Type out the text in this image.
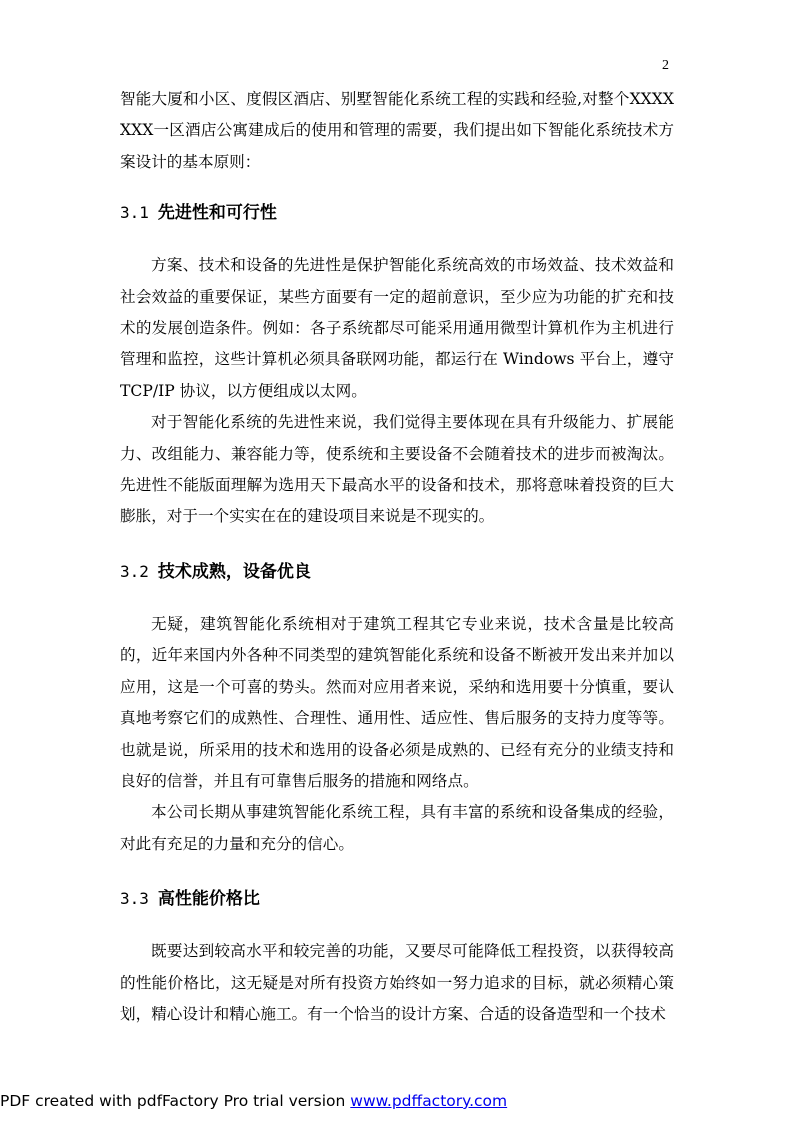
2

智能大厦和小区、度假区酒店、别墅智能化系统工程的实践和经验,对整个XXXXXXX一区酒店公寓建成后的使用和管理的需要，我们提出如下智能化系统技术方案设计的基本原则：

3.1 先进性和可行性

方案、技术和设备的先进性是保护智能化系统高效的市场效益、技术效益和社会效益的重要保证，某些方面要有一定的超前意识，至少应为功能的扩充和技术的发展创造条件。例如：各子系统都尽可能采用通用微型计算机作为主机进行管理和监控，这些计算机必须具备联网功能，都运行在 Windows 平台上，遵守 TCP/IP 协议，以方便组成以太网。

对于智能化系统的先进性来说，我们觉得主要体现在具有升级能力、扩展能力、改组能力、兼容能力等，使系统和主要设备不会随着技术的进步而被淘汰。先进性不能版面理解为选用天下最高水平的设备和技术，那将意味着投资的巨大膨胀，对于一个实实在在的建设项目来说是不现实的。

3.2 技术成熟，设备优良

无疑，建筑智能化系统相对于建筑工程其它专业来说，技术含量是比较高的，近年来国内外各种不同类型的建筑智能化系统和设备不断被开发出来并加以应用，这是一个可喜的势头。然而对应用者来说，采纳和选用要十分慎重，要认真地考察它们的成熟性、合理性、通用性、适应性、售后服务的支持力度等等。也就是说，所采用的技术和选用的设备必须是成熟的、已经有充分的业绩支持和良好的信誉，并且有可靠售后服务的措施和网络点。

本公司长期从事建筑智能化系统工程，具有丰富的系统和设备集成的经验，对此有充足的力量和充分的信心。

3.3 高性能价格比

既要达到较高水平和较完善的功能，又要尽可能降低工程投资，以获得较高的性能价格比，这无疑是对所有投资方始终如一努力追求的目标，就必须精心策划，精心设计和精心施工。有一个恰当的设计方案、合适的设备造型和一个技术

PDF created with pdfFactory Pro trial version www.pdffactory.com
